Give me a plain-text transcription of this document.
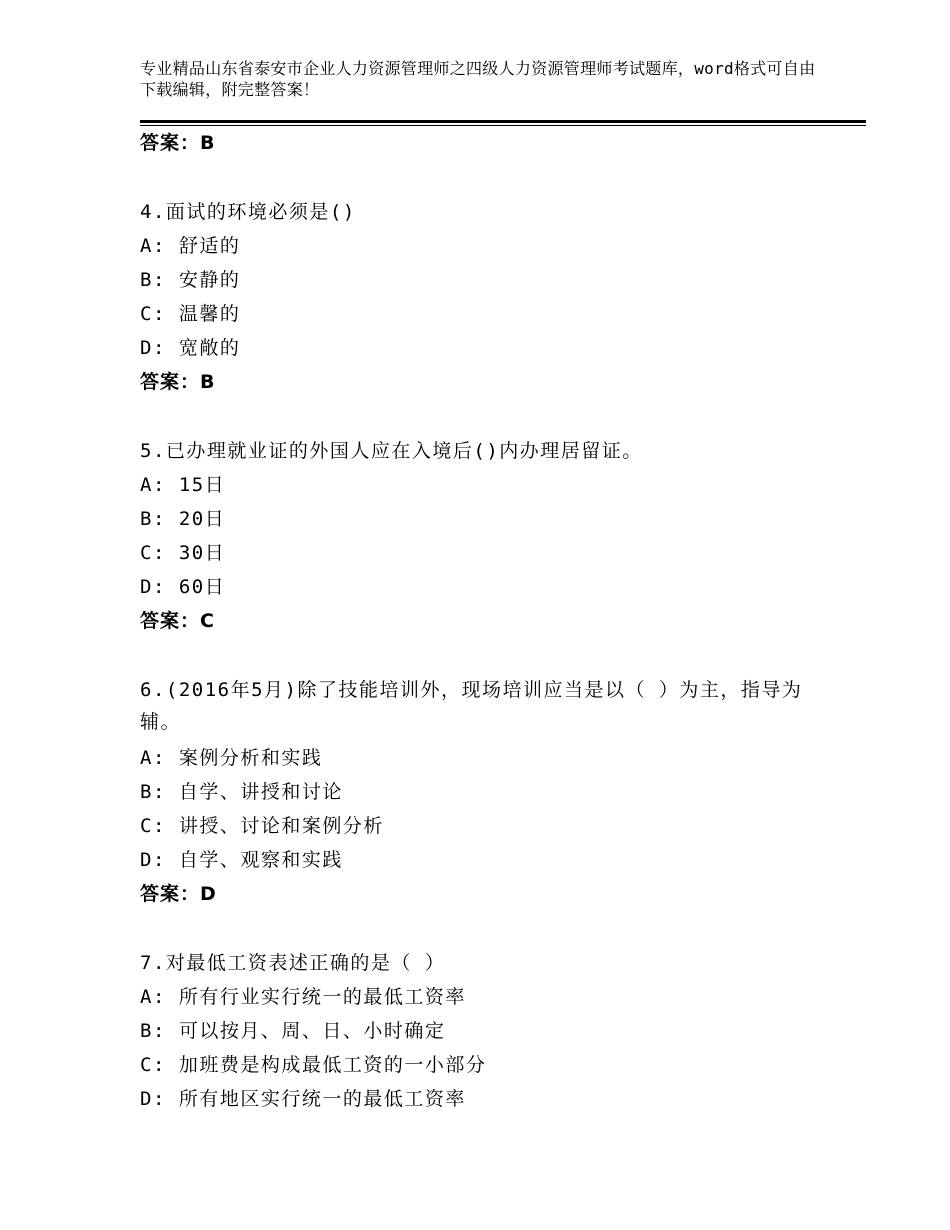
专业精品山东省泰安市企业人力资源管理师之四级人力资源管理师考试题库，word格式可自由下载编辑，附完整答案！
答案：B
4.面试的环境必须是()
A: 舒适的
B: 安静的
C: 温馨的
D: 宽敞的
答案：B
5.已办理就业证的外国人应在入境后()内办理居留证。
A: 15日
B: 20日
C: 30日
D: 60日
答案：C
6.(2016年5月)除了技能培训外，现场培训应当是以（ ）为主，指导为辅。
A: 案例分析和实践
B: 自学、讲授和讨论
C: 讲授、讨论和案例分析
D: 自学、观察和实践
答案：D
7.对最低工资表述正确的是（ ）
A: 所有行业实行统一的最低工资率
B: 可以按月、周、日、小时确定
C: 加班费是构成最低工资的一小部分
D: 所有地区实行统一的最低工资率
